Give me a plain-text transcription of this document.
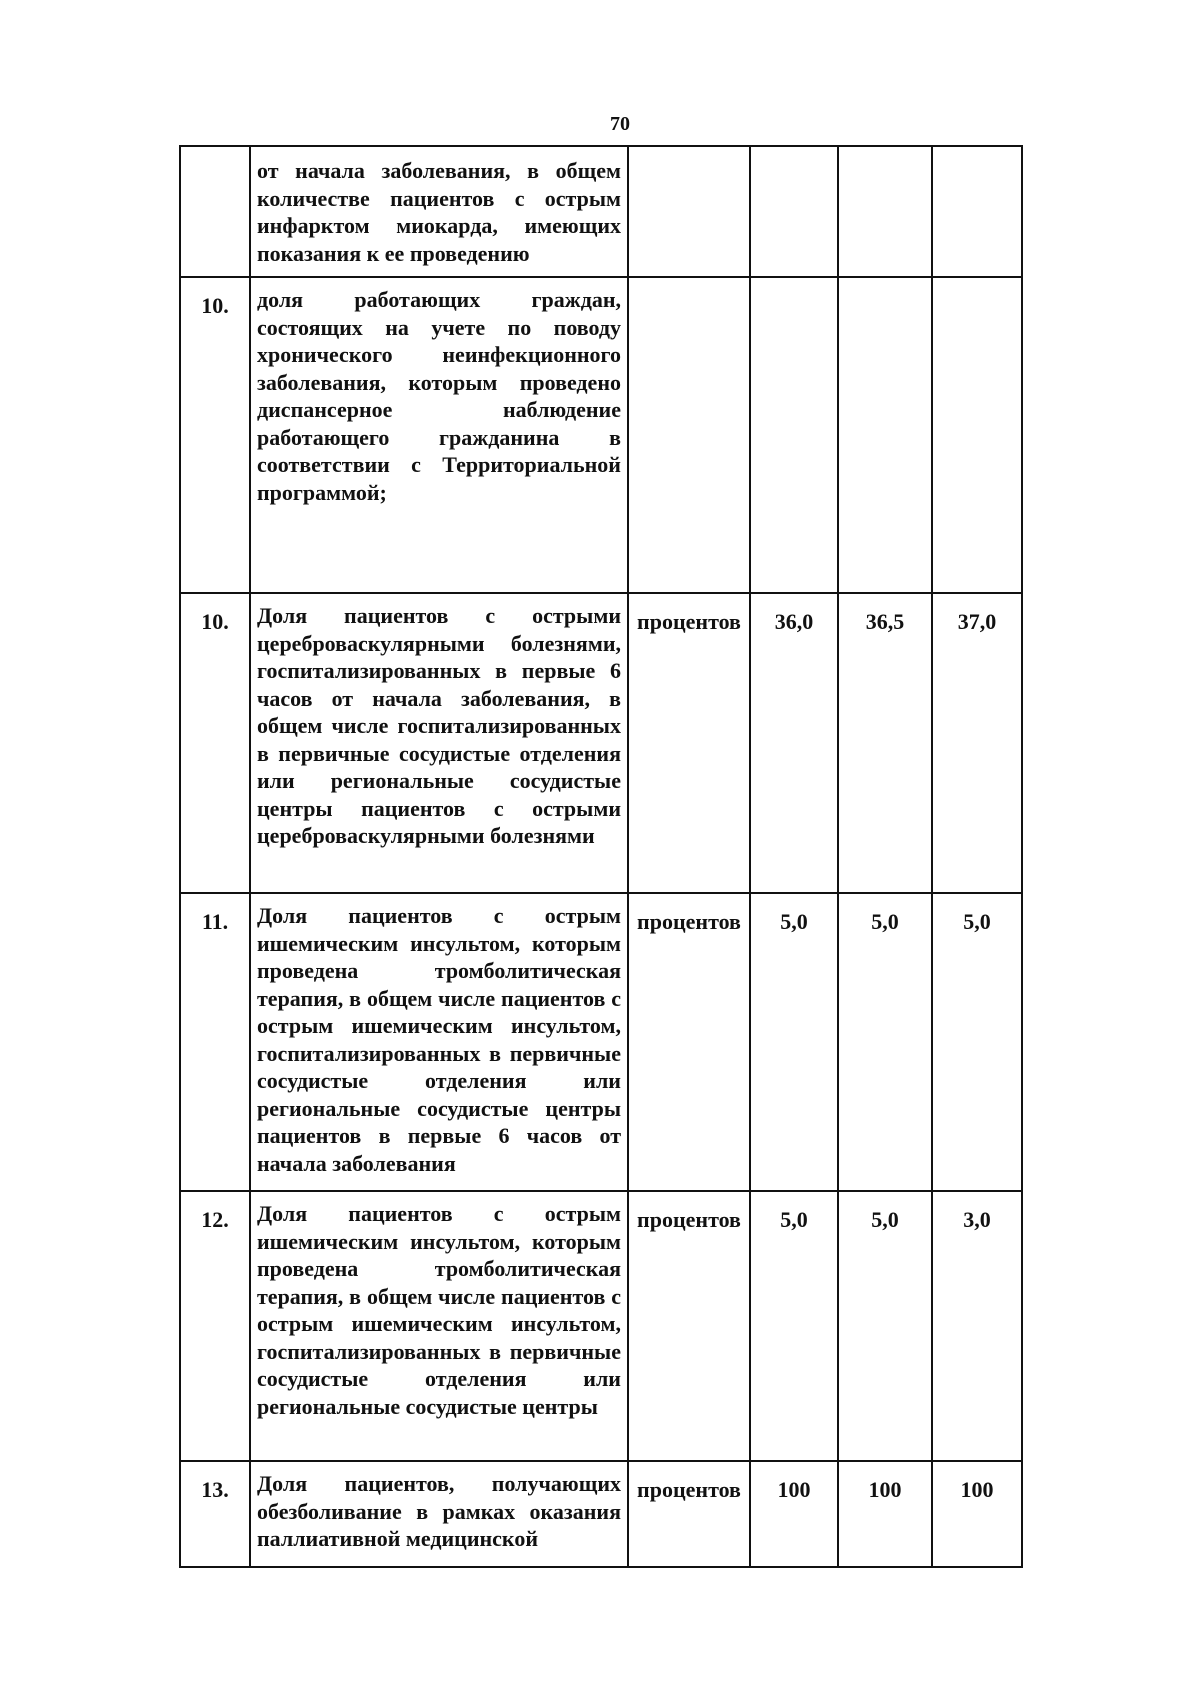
70
	от начала заболевания, в общем количестве пациентов с острым инфарктом миокарда, имеющих показания к ее проведению				
10.	доля работающих граждан, состоящих на учете по поводу хронического неинфекционного заболевания, которым проведено диспансерное наблюдение работающего гражданина в соответствии с Территориальной программой;				
10.	Доля пациентов с острыми цереброваскулярными болезнями, госпитализированных в первые 6 часов от начала заболевания, в общем числе госпитализированных в первичные сосудистые отделения или региональные сосудистые центры пациентов с острыми цереброваскулярными болезнями	процентов	36,0	36,5	37,0
11.	Доля пациентов с острым ишемическим инсультом, которым проведена тромболитическая терапия, в общем числе пациентов с острым ишемическим инсультом, госпитализированных в первичные сосудистые отделения или региональные сосудистые центры пациентов в первые 6 часов от начала заболевания	процентов	5,0	5,0	5,0
12.	Доля пациентов с острым ишемическим инсультом, которым проведена тромболитическая терапия, в общем числе пациентов с острым ишемическим инсультом, госпитализированных в первичные сосудистые отделения или региональные сосудистые центры	процентов	5,0	5,0	3,0
13.	Доля пациентов, получающих обезболивание в рамках оказания паллиативной медицинской	процентов	100	100	100
